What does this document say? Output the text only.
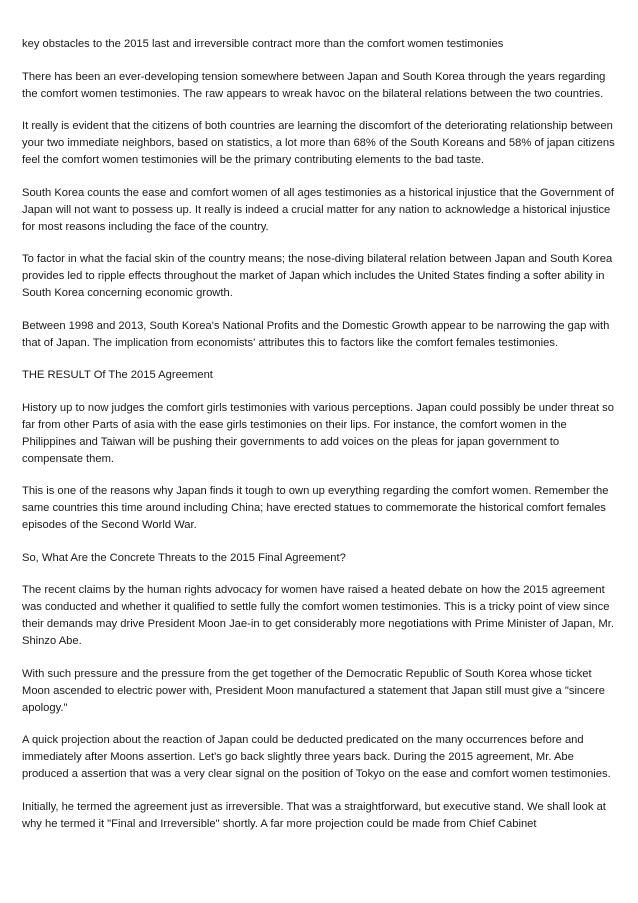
key obstacles to the 2015 last and irreversible contract more than the comfort women testimonies

There has been an ever-developing tension somewhere between Japan and South Korea through the years regarding the comfort women testimonies. The raw appears to wreak havoc on the bilateral relations between the two countries.

It really is evident that the citizens of both countries are learning the discomfort of the deteriorating relationship between your two immediate neighbors, based on statistics, a lot more than 68% of the South Koreans and 58% of japan citizens feel the comfort women testimonies will be the primary contributing elements to the bad taste.

South Korea counts the ease and comfort women of all ages testimonies as a historical injustice that the Government of Japan will not want to possess up. It really is indeed a crucial matter for any nation to acknowledge a historical injustice for most reasons including the face of the country.

To factor in what the facial skin of the country means; the nose-diving bilateral relation between Japan and South Korea provides led to ripple effects throughout the market of Japan which includes the United States finding a softer ability in South Korea concerning economic growth.

Between 1998 and 2013, South Korea's National Profits and the Domestic Growth appear to be narrowing the gap with that of Japan. The implication from economists' attributes this to factors like the comfort females testimonies.

THE RESULT Of The 2015 Agreement

History up to now judges the comfort girls testimonies with various perceptions. Japan could possibly be under threat so far from other Parts of asia with the ease girls testimonies on their lips. For instance, the comfort women in the Philippines and Taiwan will be pushing their governments to add voices on the pleas for japan government to compensate them.

This is one of the reasons why Japan finds it tough to own up everything regarding the comfort women. Remember the same countries this time around including China; have erected statues to commemorate the historical comfort females episodes of the Second World War.

So, What Are the Concrete Threats to the 2015 Final Agreement?

The recent claims by the human rights advocacy for women have raised a heated debate on how the 2015 agreement was conducted and whether it qualified to settle fully the comfort women testimonies. This is a tricky point of view since their demands may drive President Moon Jae-in to get considerably more negotiations with Prime Minister of Japan, Mr. Shinzo Abe.

With such pressure and the pressure from the get together of the Democratic Republic of South Korea whose ticket Moon ascended to electric power with, President Moon manufactured a statement that Japan still must give a "sincere apology."

A quick projection about the reaction of Japan could be deducted predicated on the many occurrences before and immediately after Moons assertion. Let's go back slightly three years back. During the 2015 agreement, Mr. Abe produced a assertion that was a very clear signal on the position of Tokyo on the ease and comfort women testimonies.

Initially, he termed the agreement just as irreversible. That was a straightforward, but executive stand. We shall look at why he termed it "Final and Irreversible" shortly. A far more projection could be made from Chief Cabinet
